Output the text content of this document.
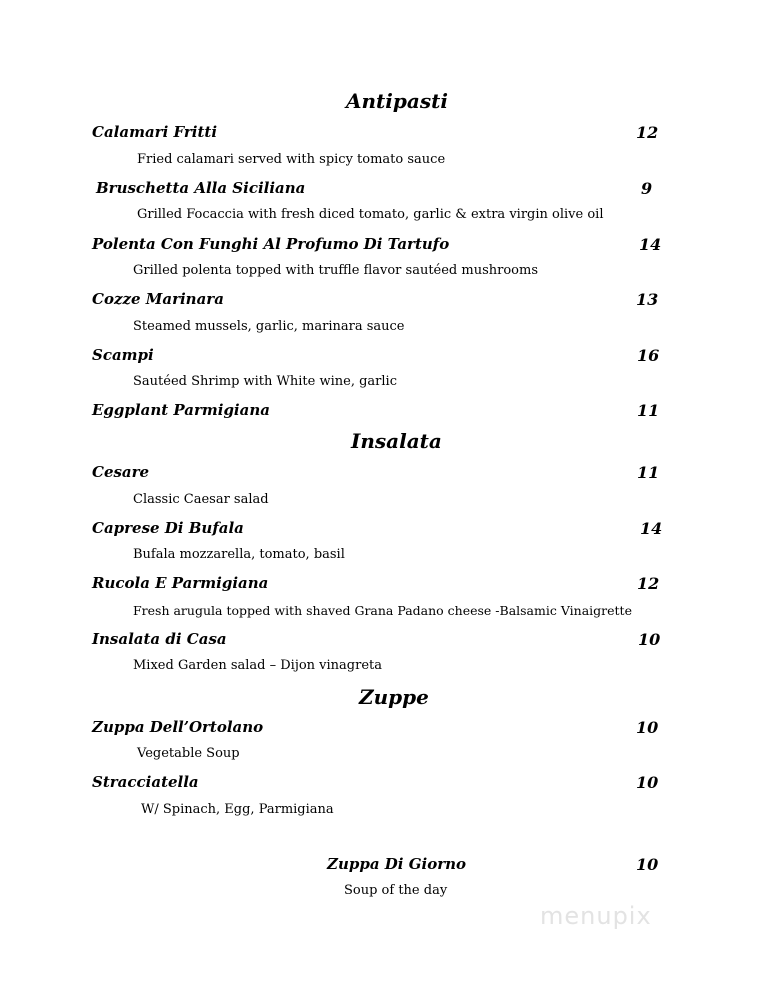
Antipasti
Calamari Fritti	12
Fried calamari served with spicy tomato sauce
Bruschetta Alla Siciliana	9
Grilled Focaccia with fresh diced tomato, garlic & extra virgin olive oil
Polenta Con Funghi Al Profumo Di Tartufo	14
Grilled polenta topped with truffle flavor sautéed mushrooms
Cozze Marinara	13
Steamed mussels, garlic, marinara sauce
Scampi	16
Sautéed Shrimp with White wine, garlic
Eggplant Parmigiana	11
Insalata
Cesare	11
Classic Caesar salad
Caprese Di Bufala	14
Bufala mozzarella, tomato, basil
Rucola E Parmigiana	12
Fresh arugula topped with shaved Grana Padano cheese -Balsamic Vinaigrette
Insalata di Casa	10
Mixed Garden salad – Dijon vinagreta
Zuppe
Zuppa Dell’Ortolano	10
Vegetable Soup
Stracciatella	10
W/ Spinach, Egg, Parmigiana
Zuppa Di Giorno	10
Soup of the day
menupix
